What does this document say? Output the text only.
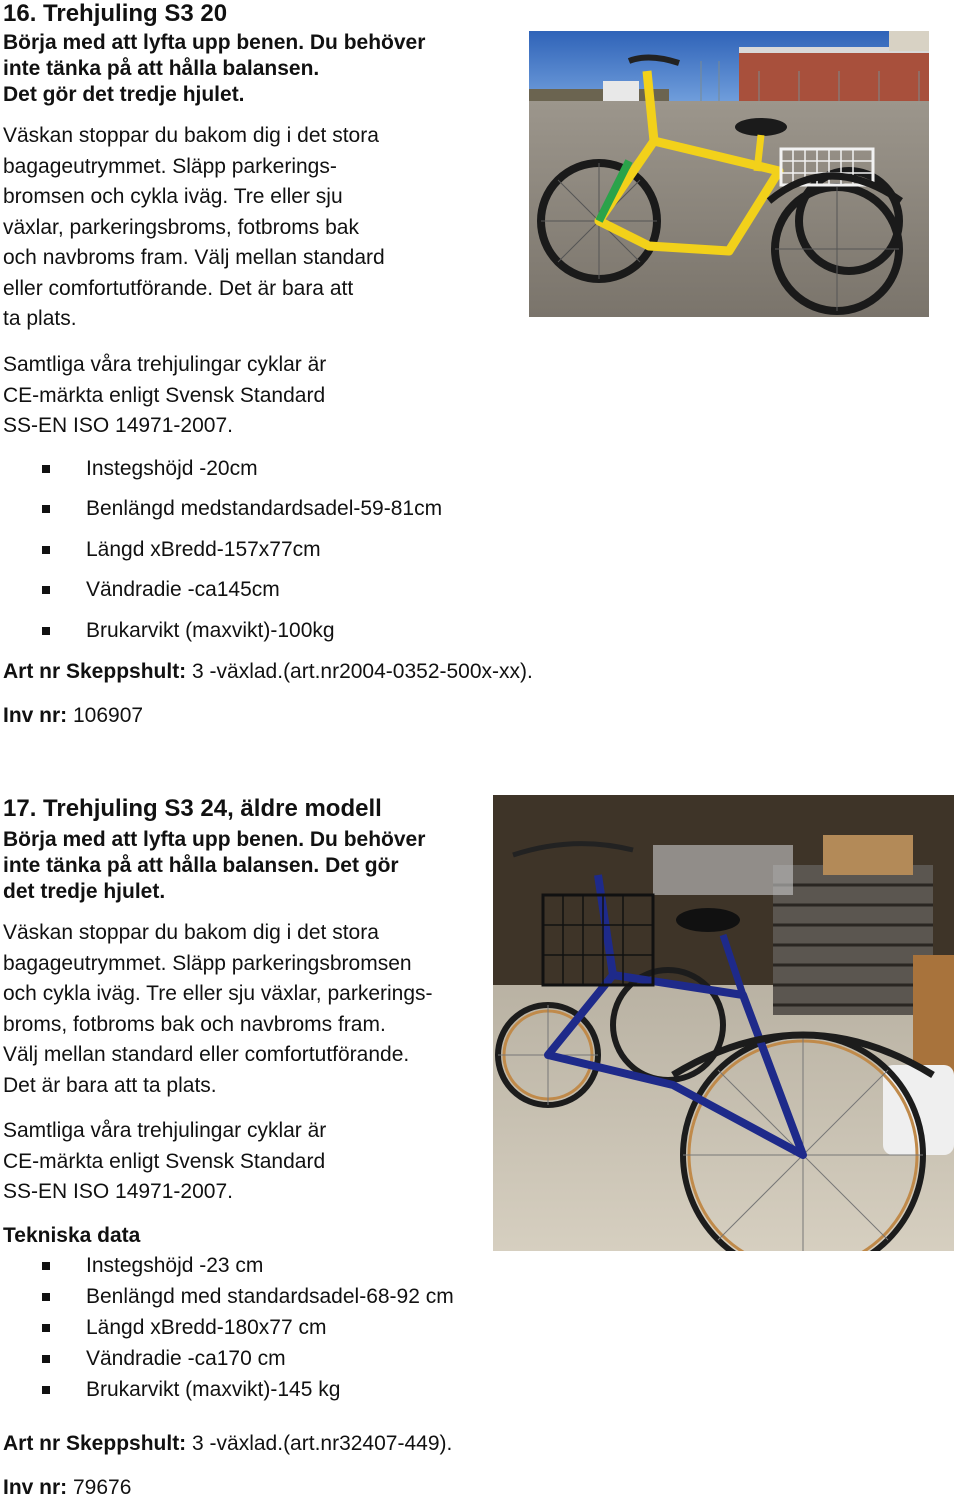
16. Trehjuling S3 20
Börja med att lyfta upp benen. Du behöver
inte tänka på att hålla balansen.
Det gör det tredje hjulet.
Väskan stoppar du bakom dig i det stora
bagageutrymmet. Släpp parkerings-
bromsen och cykla iväg. Tre eller sju
växlar, parkeringsbroms, fotbroms bak
och navbroms fram. Välj mellan standard
eller comfortutförande. Det är bara att
ta plats.
Samtliga våra trehjulingar cyklar är
CE-märkta enligt Svensk Standard
SS-EN ISO 14971-2007.
Instegshöjd -20cm
Benlängd medstandardsadel-59-81cm
Längd xBredd-157x77cm
Vändradie -ca145cm
Brukarvikt (maxvikt)-100kg
Art nr Skeppshult: 3 -växlad.(art.nr2004-0352-500x-xx).
Inv nr: 106907
17. Trehjuling S3 24, äldre modell
Börja med att lyfta upp benen. Du behöver
inte tänka på att hålla balansen. Det gör
det tredje hjulet.
Väskan stoppar du bakom dig i det stora
bagageutrymmet. Släpp parkeringsbromsen
och cykla iväg. Tre eller sju växlar, parkerings-
broms, fotbroms bak och navbroms fram.
Välj mellan standard eller comfortutförande.
Det är bara att ta plats.
Samtliga våra trehjulingar cyklar är
CE-märkta enligt Svensk Standard
SS-EN ISO 14971-2007.
Tekniska data
Instegshöjd -23 cm
Benlängd med standardsadel-68-92 cm
Längd xBredd-180x77 cm
Vändradie -ca170 cm
Brukarvikt (maxvikt)-145 kg
Art nr Skeppshult: 3 -växlad.(art.nr32407-449).
Inv nr: 79676
